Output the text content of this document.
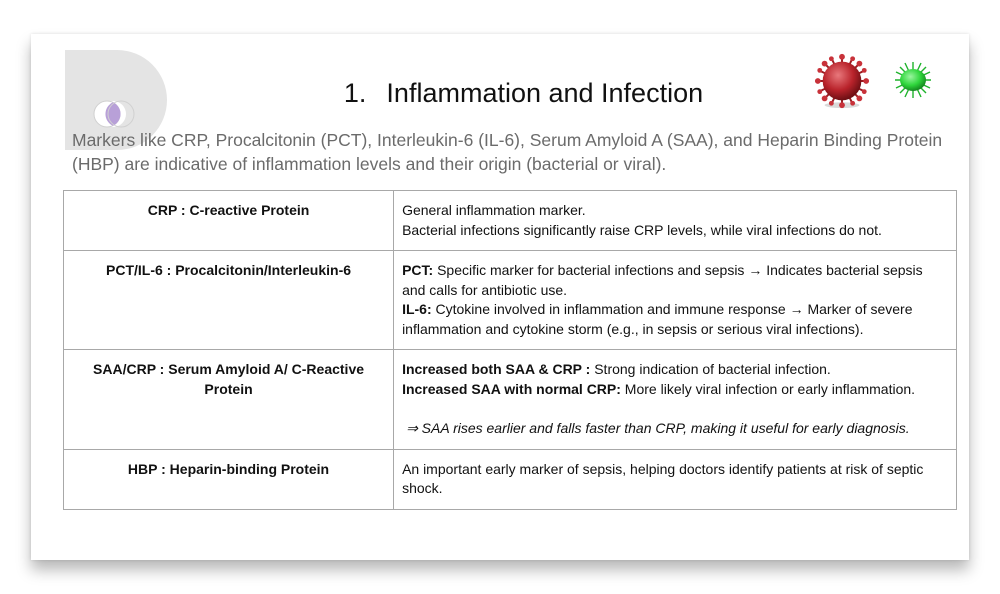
1. Inflammation and Infection
Markers like CRP, Procalcitonin (PCT), Interleukin-6 (IL-6), Serum Amyloid A (SAA), and Heparin Binding Protein (HBP) are indicative of inflammation levels and their origin (bacterial or viral).
CRP : C-reactive Protein	General inflammation marker.
Bacterial infections significantly raise CRP levels, while viral infections do not.

PCT/IL-6 : Procalcitonin/Interleukin-6	PCT: Specific marker for bacterial infections and sepsis → Indicates bacterial sepsis and calls for antibiotic use.
IL-6: Cytokine involved in inflammation and immune response → Marker of severe inflammation and cytokine storm (e.g., in sepsis or serious viral infections).

SAA/CRP : Serum Amyloid A/ C-Reactive Protein	Increased both SAA & CRP : Strong indication of bacterial infection.
Increased SAA with normal CRP: More likely viral infection or early inflammation.
⇒ SAA rises earlier and falls faster than CRP, making it useful for early diagnosis.

HBP : Heparin-binding Protein	An important early marker of sepsis, helping doctors identify patients at risk of septic shock.
